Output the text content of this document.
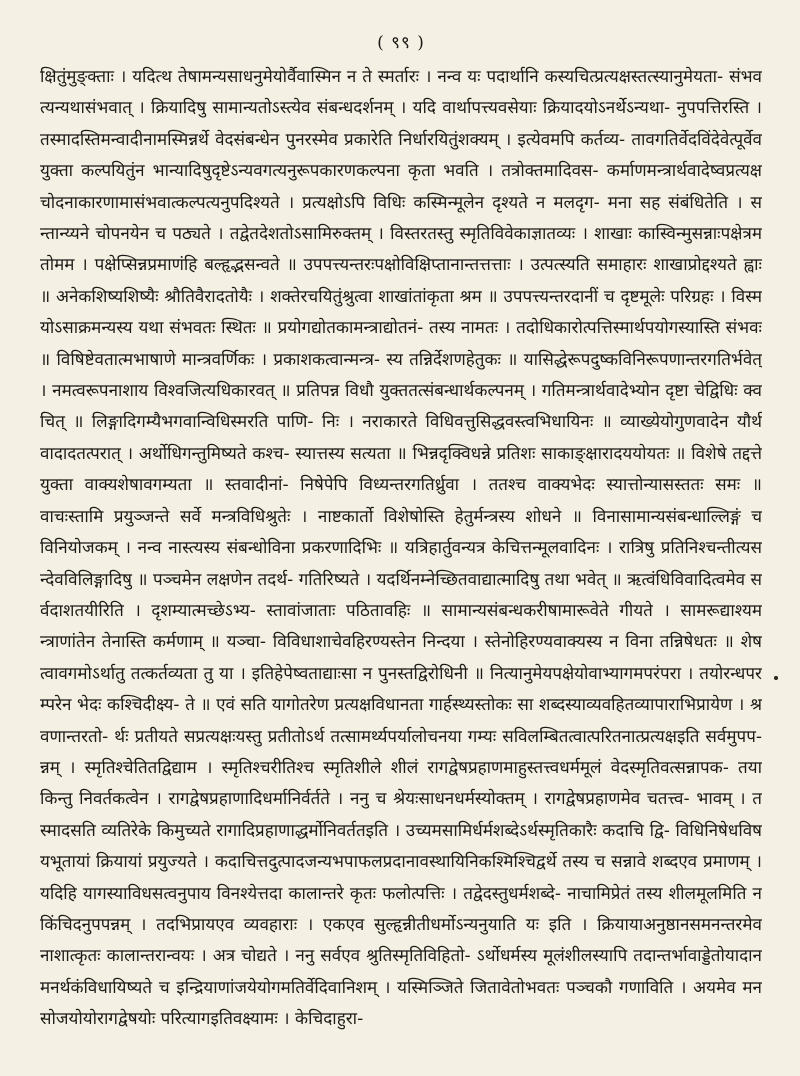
( ९९ )

क्षितुंमुङ्क्ताः । यदित्थ तेषामन्यसाधनुमेयोर्वैवास्मिन न ते स्मर्तारः । नन्व यः पदार्थानि कस्यचित्प्रत्यक्षस्तत्स्यानुमेयता- संभवत्यन्यथासंभवात् । क्रियादिषु सामान्यतोऽस्त्येव संबन्धदर्शनम् । यदि वार्थापत्त्यवसेयाः क्रियादयोऽनर्थेऽन्यथा- नुपपत्तिरस्ति । तस्मादस्तिमन्वादीनामस्मिन्नर्थे वेदसंबन्धेन पुनरस्मेव प्रकारेति निर्धारयितुंशक्यम् । इत्येवमपि कर्तव्य- तावगतिर्वेदविंदेवेत्पूर्वेव युक्ता कल्पयितुंन भान्यादिषुदृष्टेऽन्यवगत्यनुरूपकारणकल्पना कृता भवति । तत्रोक्तमादिवस- कर्माणमन्त्रार्थवादेष्वप्रत्यक्षचोदनाकारणामासंभवात्कल्पत्यनुपदिश्यते । प्रत्यक्षोऽपि विधिः कस्मिन्मूलेन दृश्यते न मलदृग- मना सह संबंधितेति । सन्तान्य्यने चोपनयेन च पठ्यते । तद्वेतदेशतोऽसामिरुक्तम् । विस्तरतस्तु स्मृतिविवेकाज्ञातव्यः । शाखाः कास्विन्मुसन्नाःपक्षेत्रमतोमम । पक्षेप्सिन्नप्रमाणंहि बल्हृद्भसन्वते ॥ उपपत्त्यन्तरःपक्षोविक्षिप्तानान्तत्तत्ताः । उत्पत्स्यति समाहारः शाखाप्रोद्दश्यते ह्वाः ॥ अनेकशिष्यशिष्यैः श्रौतिवैरादतोयैः । शक्तेरचयितुंश्रुत्वा शाखांतांकृता श्रम ॥ उपपत्त्यन्तरदानीं च दृष्टमूलेः परिग्रहः । विस्मयोऽसाक्रमन्यस्य यथा संभवतः स्थितः ॥ प्रयोगद्योतकामन्त्राद्योतनं- तस्य नामतः । तदोधिकारोत्पत्तिस्मार्थपयोगस्यास्ति संभवः ॥ विषिष्टेवतात्मभाषाणे मान्त्रवर्णिकः । प्रकाशकत्वान्मन्त्र- स्य तन्निर्देशणहेतुकः ॥ यासिद्धेरूपदुष्कविनिरूपणान्तरगतिर्भवेत् । नमत्वरूपनाशाय विश्वजित्यधिकारवत् ॥ प्रतिपन्न विधौ युक्ततत्संबन्धार्थकल्पनम् । गतिमन्त्रार्थवादेभ्योन दृष्टा चेद्विधिः क्वचित् ॥ लिङ्गादिगम्यैभगवान्विधिस्मरति पाणि- निः । नराकारते विधिवत्तुसिद्धवस्त्वभिधायिनः ॥ व्याख्येयोगुणवादेन यौर्थवादादतत्परात् । अर्थोधिगन्तुमिष्यते कश्च- स्यात्तस्य सत्यता ॥ भिन्नदृक्विधन्ने प्रतिशः साकाङ्क्षारादययोयतः ॥ विशेषे तद्दत्ते युक्ता वाक्यशेषावगम्यता ॥ स्तवादीनां- निषेपेपि विध्यन्तरगतिर्ध्रुवा । ततश्च वाक्यभेदः स्यात्तोन्यासस्ततः समः ॥ वाचःस्तामि प्रयुञ्जन्ते सर्वे मन्त्रविधिश्रुतेः । नाष्टकार्तो विशेषोस्ति हेतुर्मन्त्रस्य शोधने ॥ विनासामान्यसंबन्धाल्लिङ्गं च विनियोजकम् । नन्व नास्त्यस्य संबन्धोविना प्रकरणादिभिः ॥ यत्रिहार्तुवन्यत्र केचित्तन्मूलवादिनः । रात्रिषु प्रतिनिश्चन्तीत्यसन्देवविलिङ्गादिषु ॥ पञ्चमेन लक्षणेन तदर्थ- गतिरिष्यते । यदर्थिनम्नेच्छितवाद्यात्मादिषु तथा भवेत् ॥ ऋत्वंधिविवादित्वमेव सर्वदाशतयीरिति । दृशम्यात्मच्छेऽभ्य- स्तावांजाताः पठितावहिः ॥ सामान्यसंबन्धकरीषामारूवेते गीयते । सामरूद्याश्यमन्त्राणांतेन तेनास्ति कर्मणाम् ॥ यञ्चा- विविधाशाचेवहिरण्यस्तेन निन्दया । स्तेनोहिरण्यवाक्यस्य न विना तन्निषेधतः ॥ शेषत्वावगमोऽर्थातु तत्कर्तव्यता तु या । इतिहेपेष्वताद्याःसा न पुनस्तद्विरोधिनी ॥ नित्यानुमेयपक्षेयोवाभ्यागमपरंपरा । तयोरन्धपरम्परेन भेदः कश्चिदीक्ष्य- ते ॥ एवं सति यागोतरेण प्रत्यक्षविधानता गार्हस्थ्यस्तोकः सा शब्दस्याव्यवहितव्यापाराभिप्रायेण । श्रवणान्तरतो- र्थः प्रतीयते सप्रत्यक्षःयस्तु प्रतीतोऽर्थ तत्सामर्थ्यपर्यालोचनया गम्यः सविलम्बितत्वात्परितनात्प्रत्यक्षइति सर्वमुपप- न्नम् । स्मृतिश्चेतितद्विद्याम । स्मृतिश्चरीतिश्च स्मृतिशीले शीलं रागद्वेषप्रहाणमाहुस्तत्त्वधर्ममूलं वेदस्मृतिवत्सन्नापक- तया किन्तु निवर्तकत्वेन । रागद्वेषप्रहाणादिधर्मानिर्वर्तते । ननु च श्रेयःसाधनधर्मस्योक्तम् । रागद्वेषप्रहाणमेव चतत्त्व- भावम् । तस्मादसति व्यतिरेके किमुच्यते रागादिप्रहाणाद्धर्मोनिवर्ततइति । उच्यमसामिर्धर्मशब्देऽर्थस्मृतिकारैः कदाचि द्वि- विधिनिषेधविषयभूतायां क्रियायां प्रयुज्यते । कदाचित्तदुत्पादजन्यभपाफलप्रदानावस्थायिनिकश्मिश्चिद्वर्थे तस्य च सन्नावे शब्दएव प्रमाणम् । यदिहि यागस्याविधसत्वनुपाय विनश्येत्तदा कालान्तरे कृतः फलोत्पत्तिः । तद्वेदस्तुधर्मशब्दे- नाचामिप्रेतं तस्य शीलमूलमिति नकिंचिदनुपपन्नम् । तदभिप्रायएव व्यवहाराः । एकएव सुल्हृन्नीतीधर्मोऽन्यनुयाति यः इति । क्रियायाअनुष्ठानसमनन्तरमेव नाशात्कृतः कालान्तरान्वयः । अत्र चोद्यते । ननु सर्वएव श्रुतिस्मृतिविहितो- ऽर्थोधर्मस्य मूलंशीलस्यापि तदान्तर्भावाड्डेतोयादानमनर्थकंविधायिष्यते च इन्द्रियाणांजयेयोगमतिर्वेदिवानिशम् । यस्मिञ्जिते जितावेतोभवतः पञ्चकौ गणाविति । अयमेव मनसोजयोयोरागद्वेषयोः परित्यागइतिवक्ष्यामः । केचिदाहुरा-
